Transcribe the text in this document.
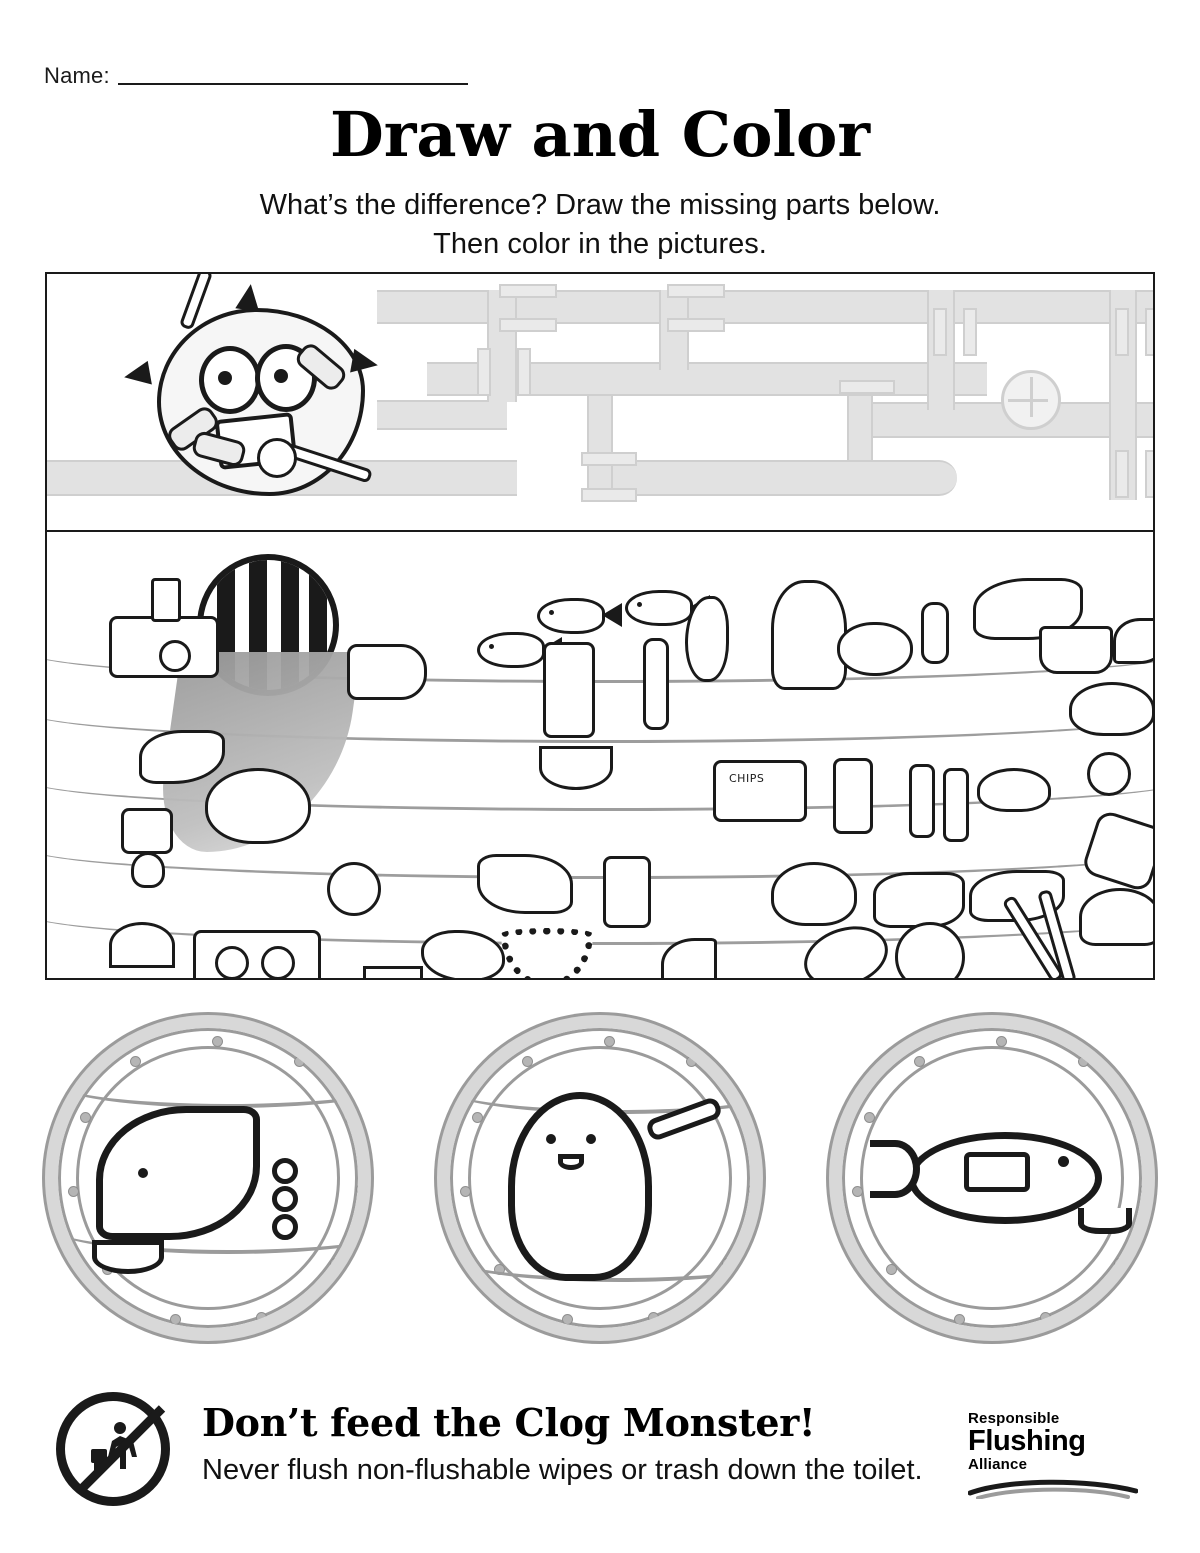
Name:
Draw and Color
What’s the difference? Draw the missing parts below.
Then color in the pictures.
CHIPS
Don’t feed the Clog Monster!
Never flush non-flushable wipes or trash down the toilet.
Responsible
Flushing
Alliance
